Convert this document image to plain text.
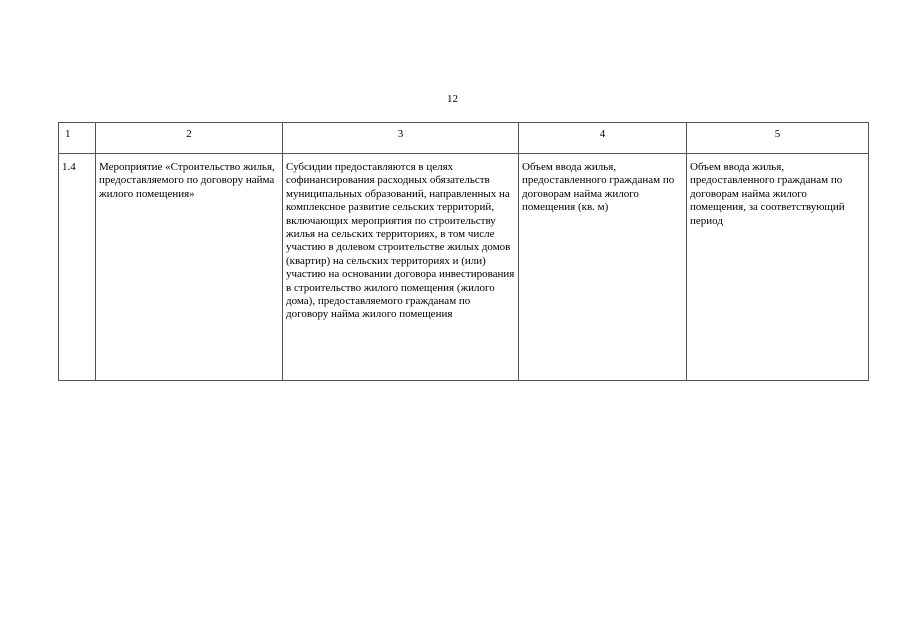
12
1	2	3	4	5
1.4	Мероприятие «Строительство жилья, предоставляемого по договору найма жилого помещения»	Субсидии предоставляются в целях софинансирования расходных обязательств муниципальных образований, направленных на комплексное развитие сельских территорий, включающих мероприятия по строительству жилья на сельских территориях, в том числе участию в долевом строительстве жилых домов (квартир) на сельских территориях и (или) участию на основании договора инвестирования в строительство жилого помещения (жилого дома), предоставляемого гражданам по договору найма жилого помещения	Объем ввода жилья, предоставленного гражданам по договорам найма жилого помещения (кв. м)	Объем ввода жилья, предоставленного гражданам по договорам найма жилого помещения, за соответствующий период
